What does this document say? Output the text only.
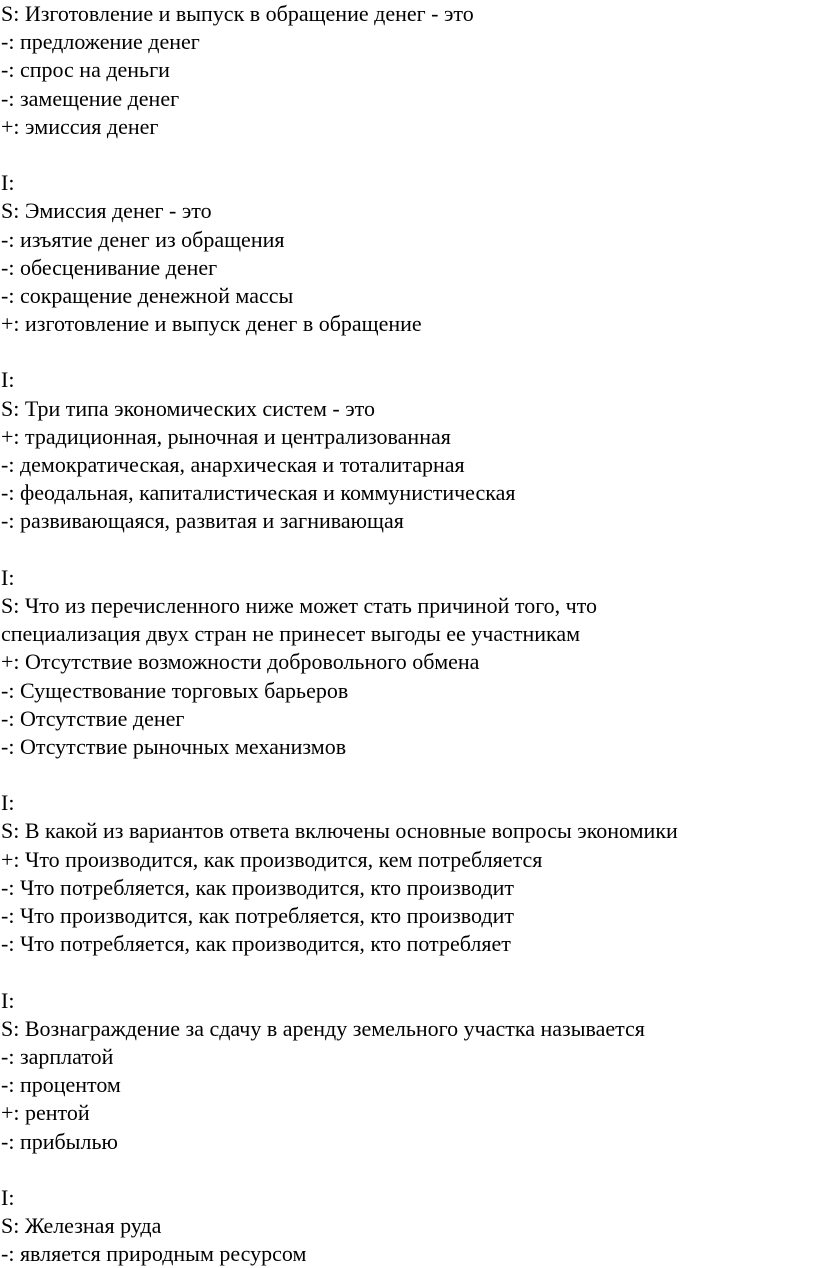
S: Изготовление и выпуск в обращение денег - это
-: предложение денег
-: спрос на деньги
-: замещение денег
+: эмиссия денег
I:
S: Эмиссия денег - это
-: изъятие денег из обращения
-: обесценивание денег
-: сокращение денежной массы
+: изготовление и выпуск денег в обращение
I:
S: Три типа экономических систем - это
+: традиционная, рыночная и централизованная
-: демократическая, анархическая и тоталитарная
-: феодальная, капиталистическая и коммунистическая
-: развивающаяся, развитая и загнивающая
I:
S: Что из перечисленного ниже может стать причиной того, что
специализация двух стран не принесет выгоды ее участникам
+: Отсутствие возможности добровольного обмена
-: Существование торговых барьеров
-: Отсутствие денег
-: Отсутствие рыночных механизмов
I:
S: В какой из вариантов ответа включены основные вопросы экономики
+: Что производится, как производится, кем потребляется
-: Что потребляется, как производится, кто производит
-: Что производится, как потребляется, кто производит
-: Что потребляется, как производится, кто потребляет
I:
S: Вознаграждение за сдачу в аренду земельного участка называется
-: зарплатой
-: процентом
+: рентой
-: прибылью
I:
S: Железная руда
-: является природным ресурсом
